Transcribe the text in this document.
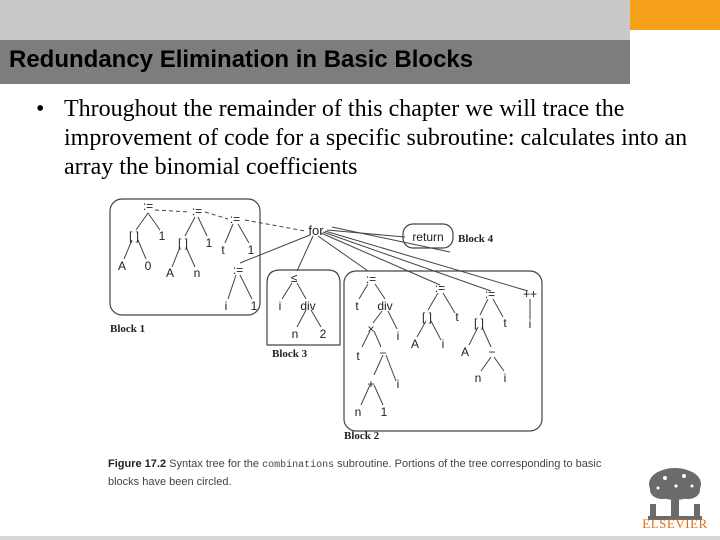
Redundancy Elimination in Basic Blocks
• Throughout the remainder of this chapter we will trace the improvement of code for a specific subroutine: calculates into an array the binomial coefficients
:=
[ ] 1
A 0
:=
[ ] 1
A n
:=
t 1
:=
i 1
for	return
≤
i div
n 2
:=
t div
× i
t −
+ i
n 1
:=
[ ] t
A i
:=
[ ] t
A −
n i
++
i
Block 1
Block 3
Block 2
Block 4
Figure 17.2 Syntax tree for the combinations subroutine. Portions of the tree corresponding to basic blocks have been circled.
ELSEVIER
